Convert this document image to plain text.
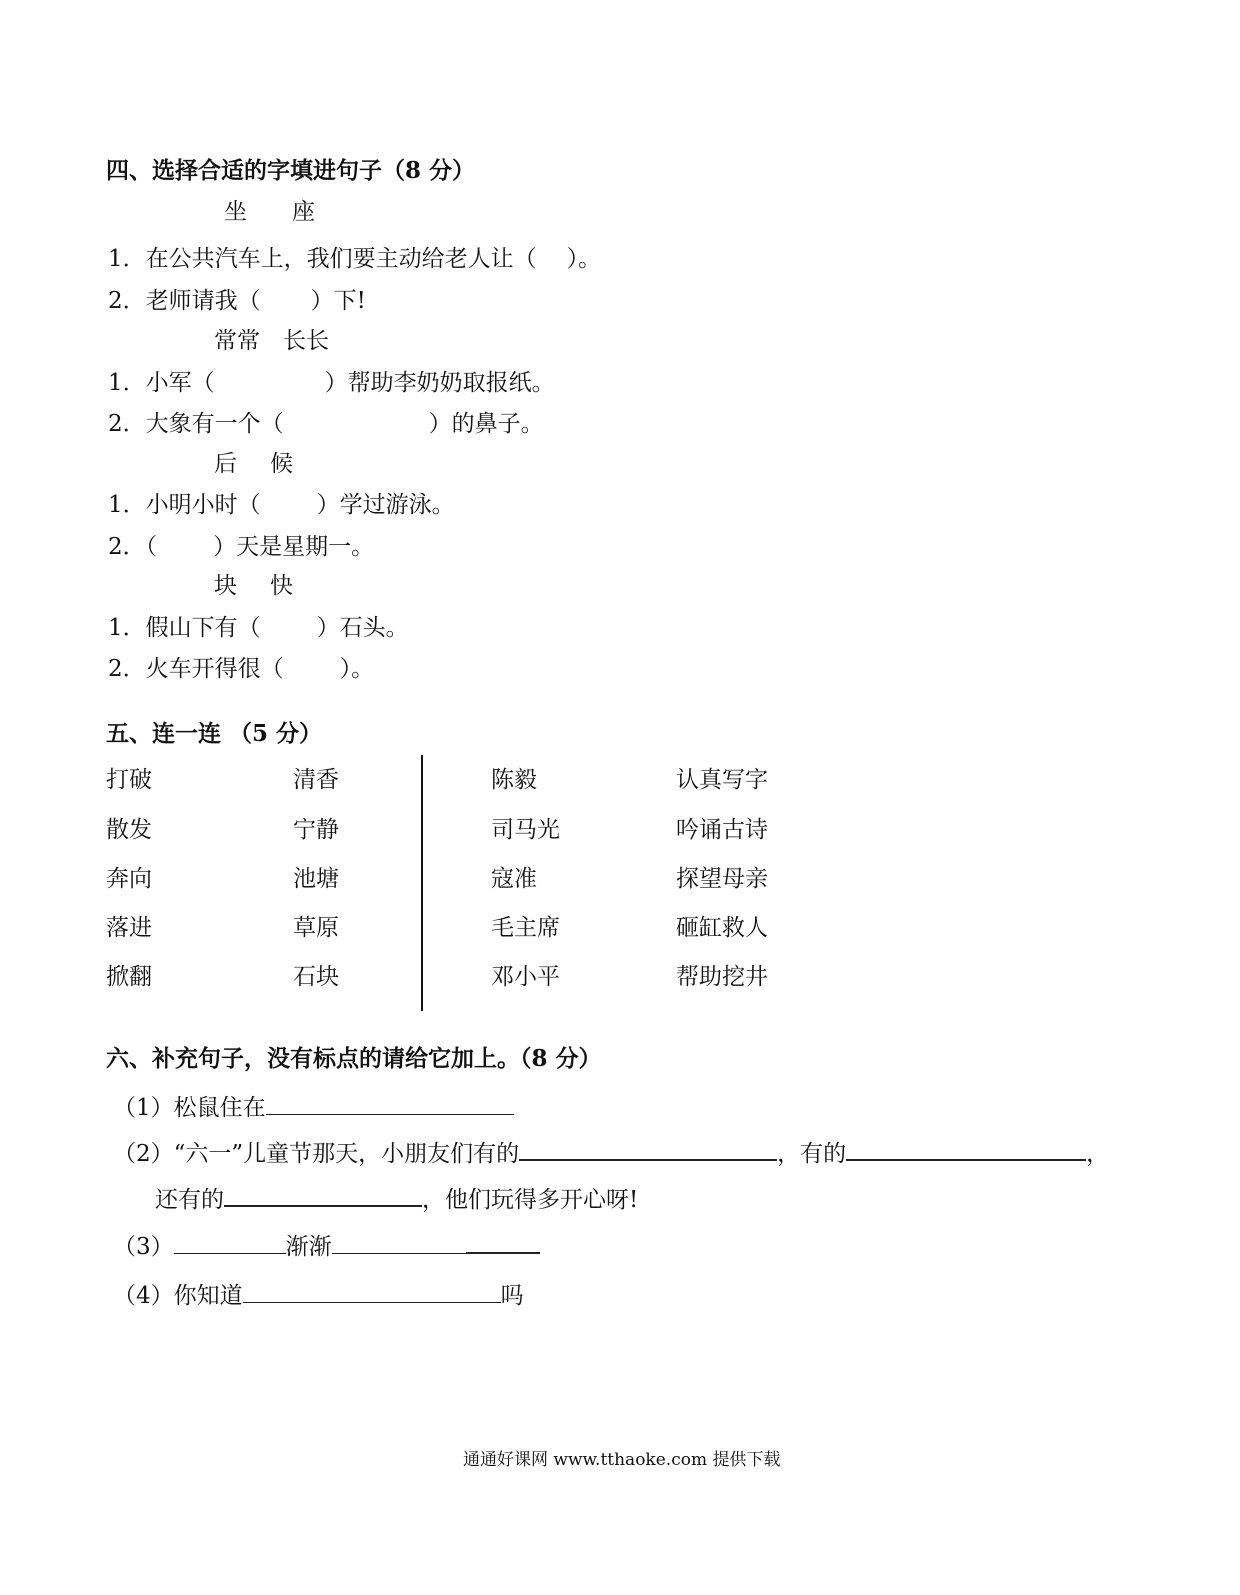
四、选择合适的字填进句子（8 分）
坐 座
1．在公共汽车上，我们要主动给老人让（ ）。
2．老师请我（ ）下!
常常 长长
1．小军（	）帮助李奶奶取报纸。
2．大象有一个（	）的鼻子。
后 候
1．小明小时（ ）学过游泳。
2．（ ）天是星期一。
块 快
1．假山下有（ ）石头。
2．火车开得很（ ）。
五、连一连 （5 分）
打破	清香
散发	宁静
奔向	池塘
落进	草原
掀翻	石块
陈毅	认真写字
司马光	吟诵古诗
寇准	探望母亲
毛主席	砸缸救人
邓小平	帮助挖井
六、补充句子，没有标点的请给它加上。（8 分）
（1）松鼠住在
（2）“六一”儿童节那天，小朋友们有的	，有的	，
还有的	，他们玩得多开心呀!
（3）	渐渐
（4）你知道	吗
通通好课网 www.tthaoke.com 提供下载
